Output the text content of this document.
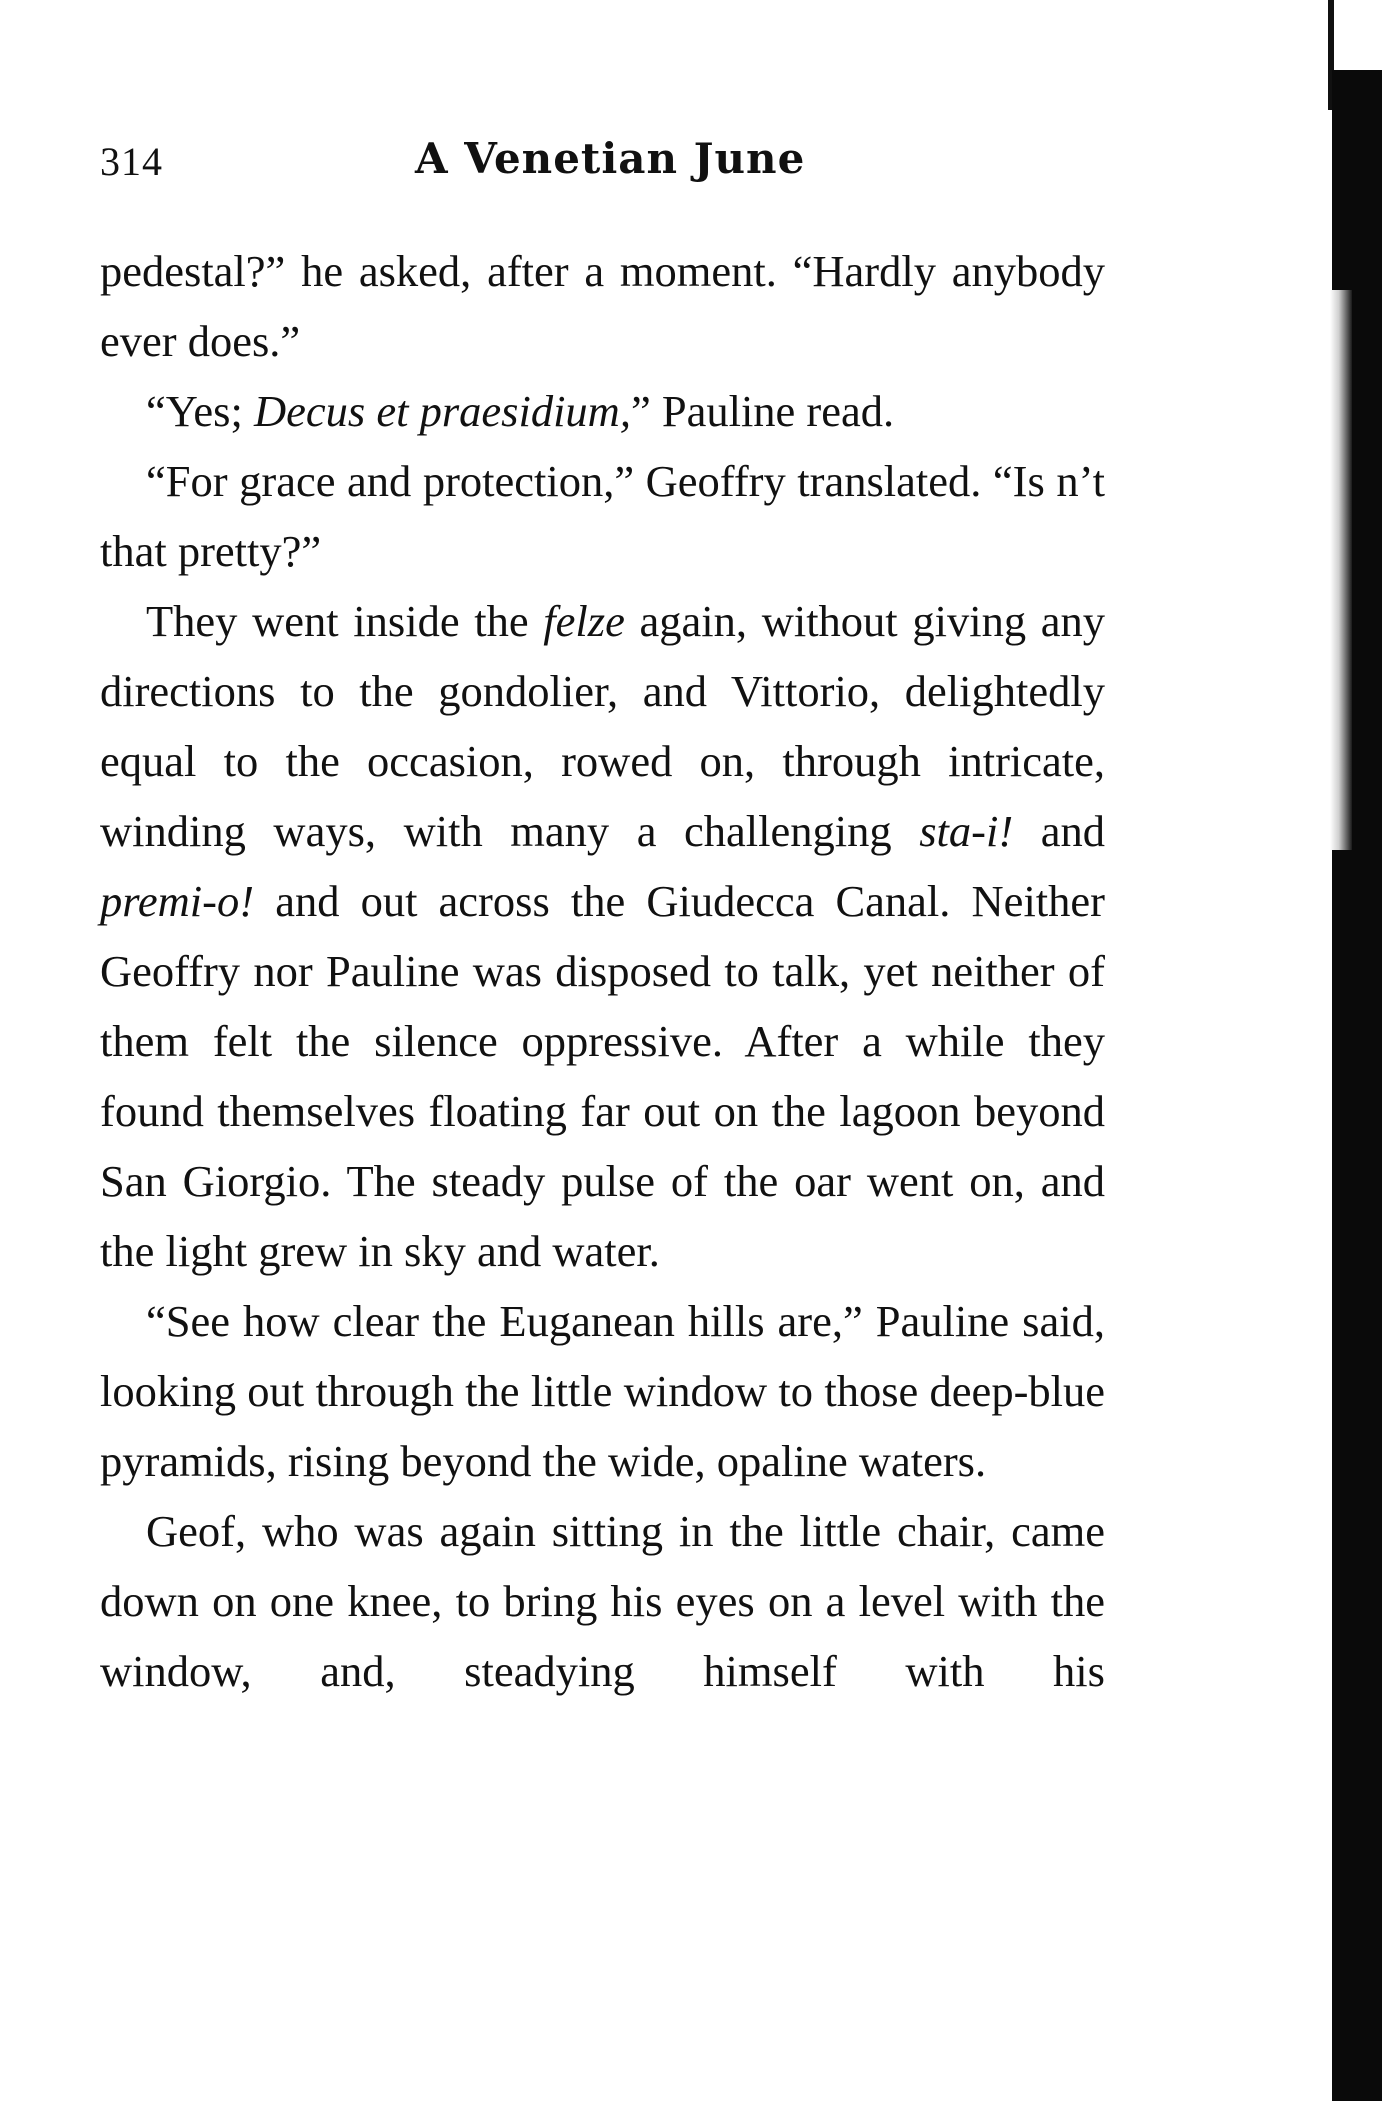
314	A Venetian June

pedestal?” he asked, after a moment. “Hardly anybody ever does.”

“Yes; Decus et praesidium,” Pauline read.

“For grace and protection,” Geoffry translated. “Is n’t that pretty?”

They went inside the felze again, without giving any directions to the gondolier, and Vittorio, delightedly equal to the occasion, rowed on, through intricate, winding ways, with many a challenging sta-i! and premi-o! and out across the Giudecca Canal. Neither Geoffry nor Pauline was disposed to talk, yet neither of them felt the silence oppressive. After a while they found themselves floating far out on the lagoon beyond San Giorgio. The steady pulse of the oar went on, and the light grew in sky and water.

“See how clear the Euganean hills are,” Pauline said, looking out through the little window to those deep-blue pyramids, rising beyond the wide, opaline waters.

Geof, who was again sitting in the little chair, came down on one knee, to bring his eyes on a level with the window, and, steadying himself with his
